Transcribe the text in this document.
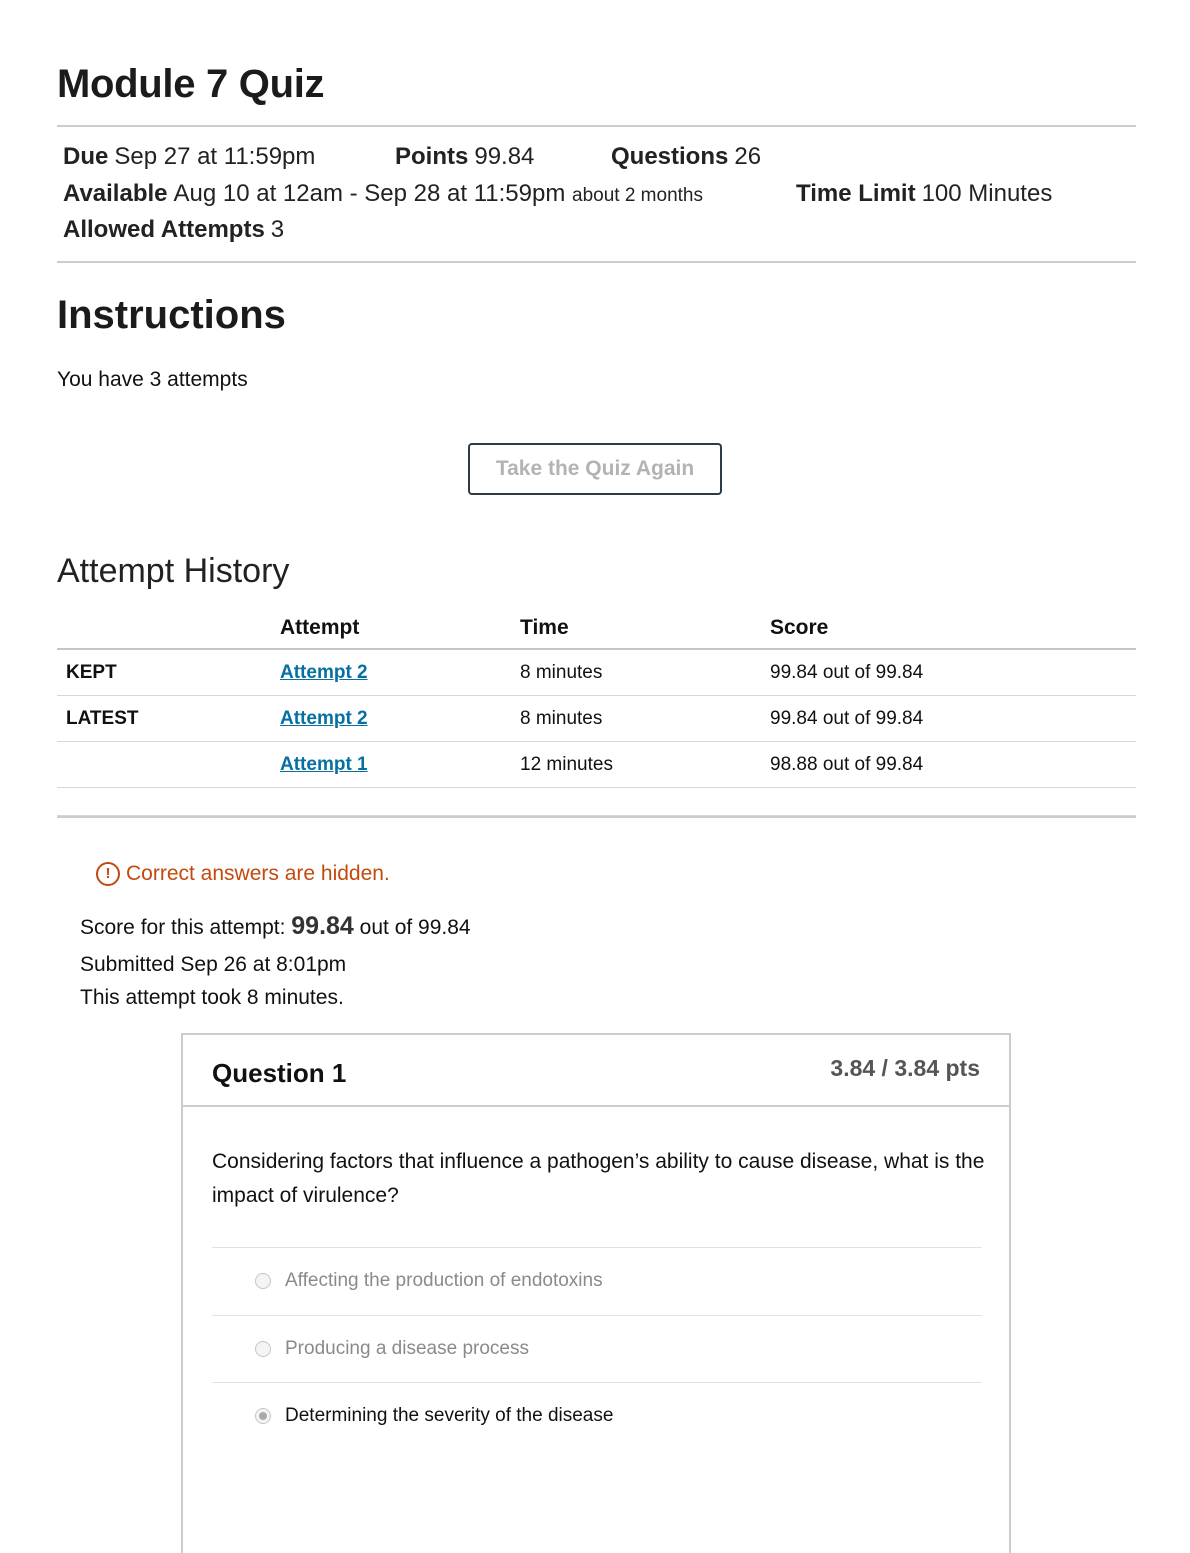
Module 7 Quiz
Due Sep 27 at 11:59pm	Points 99.84	Questions 26
Available Aug 10 at 12am - Sep 28 at 11:59pm about 2 months	Time Limit 100 Minutes
Allowed Attempts 3
Instructions
You have 3 attempts
Take the Quiz Again
Attempt History
	Attempt	Time	Score
KEPT	Attempt 2	8 minutes	99.84 out of 99.84
LATEST	Attempt 2	8 minutes	99.84 out of 99.84
	Attempt 1	12 minutes	98.88 out of 99.84

! Correct answers are hidden.
Score for this attempt: 99.84 out of 99.84
Submitted Sep 26 at 8:01pm
This attempt took 8 minutes.
Question 1	3.84 / 3.84 pts
Considering factors that influence a pathogen’s ability to cause disease, what is the impact of virulence?
Affecting the production of endotoxins
Producing a disease process
Determining the severity of the disease
